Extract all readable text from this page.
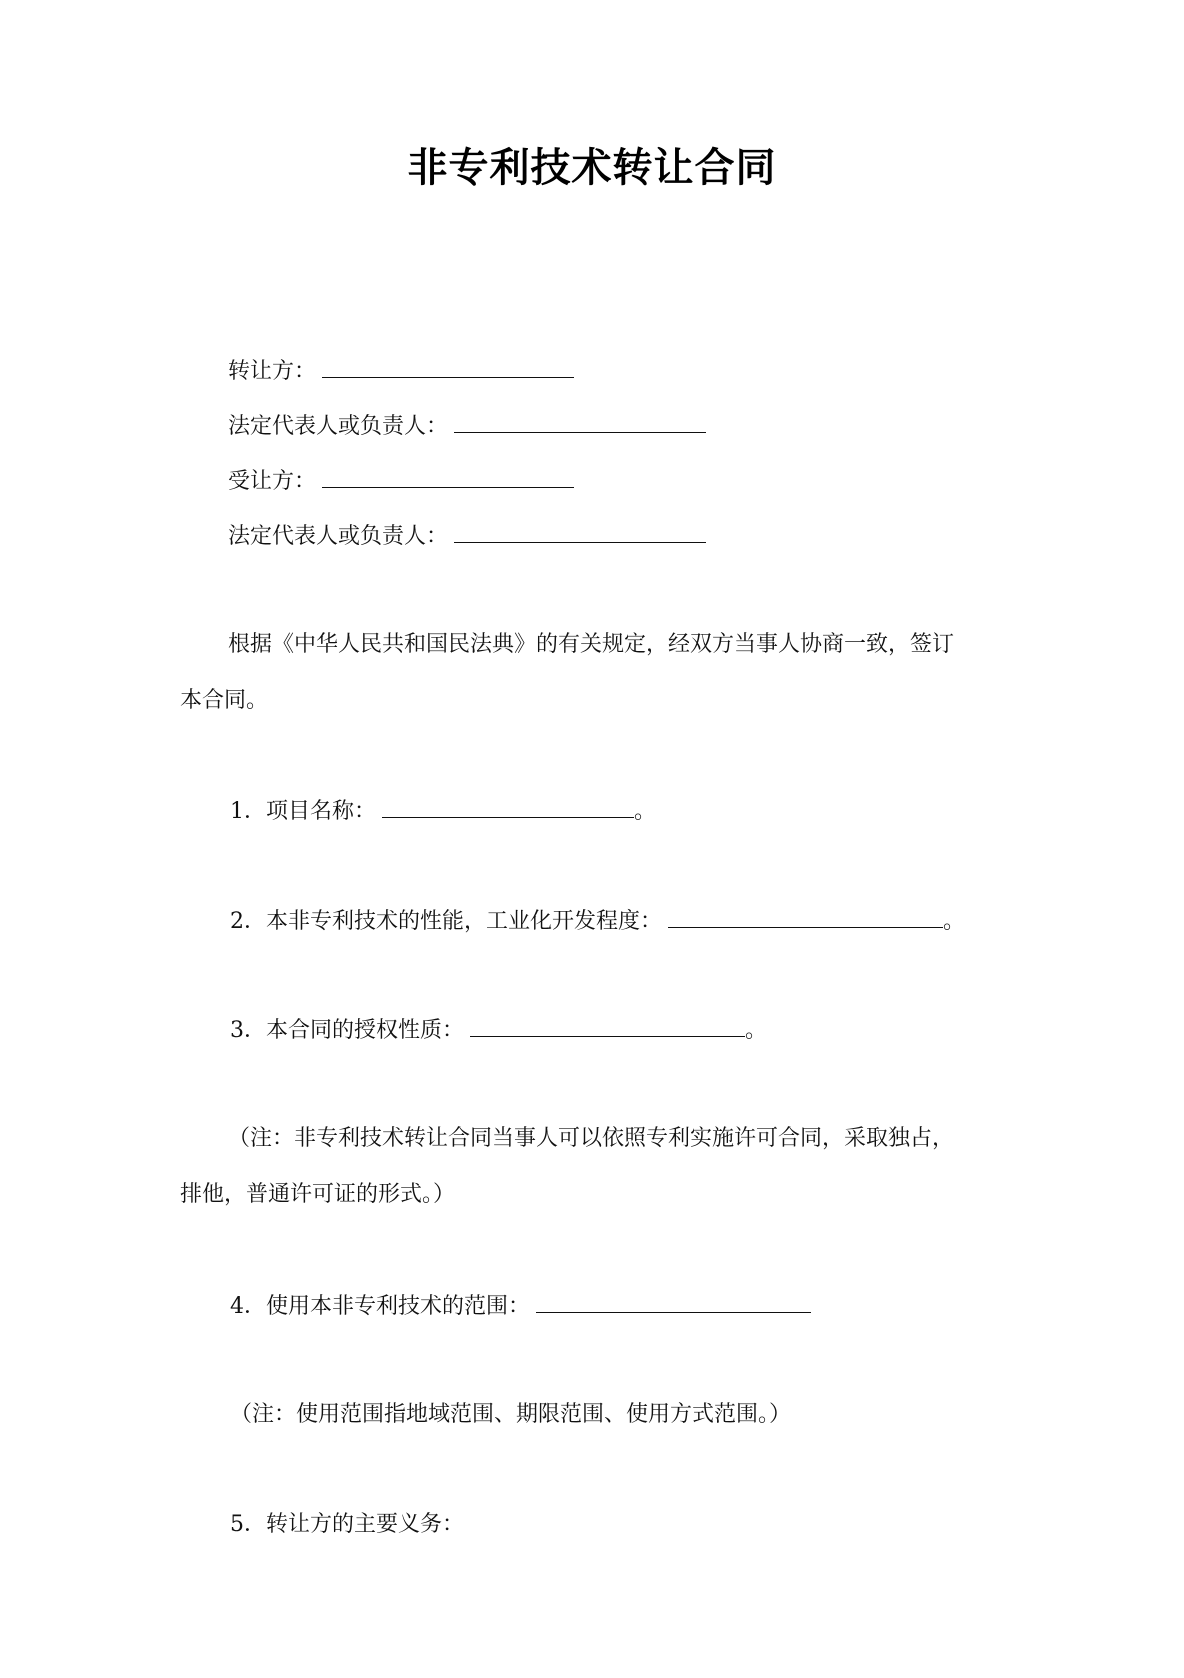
非专利技术转让合同
转让方：
法定代表人或负责人：
受让方：
法定代表人或负责人：
根据《中华人民共和国民法典》的有关规定，经双方当事人协商一致，签订
本合同。
1．项目名称：	。
2．本非专利技术的性能，工业化开发程度：	。
3．本合同的授权性质：	。
（注：非专利技术转让合同当事人可以依照专利实施许可合同，采取独占，
排他，普通许可证的形式。）
4．使用本非专利技术的范围：
（注：使用范围指地域范围、期限范围、使用方式范围。）
5．转让方的主要义务：
